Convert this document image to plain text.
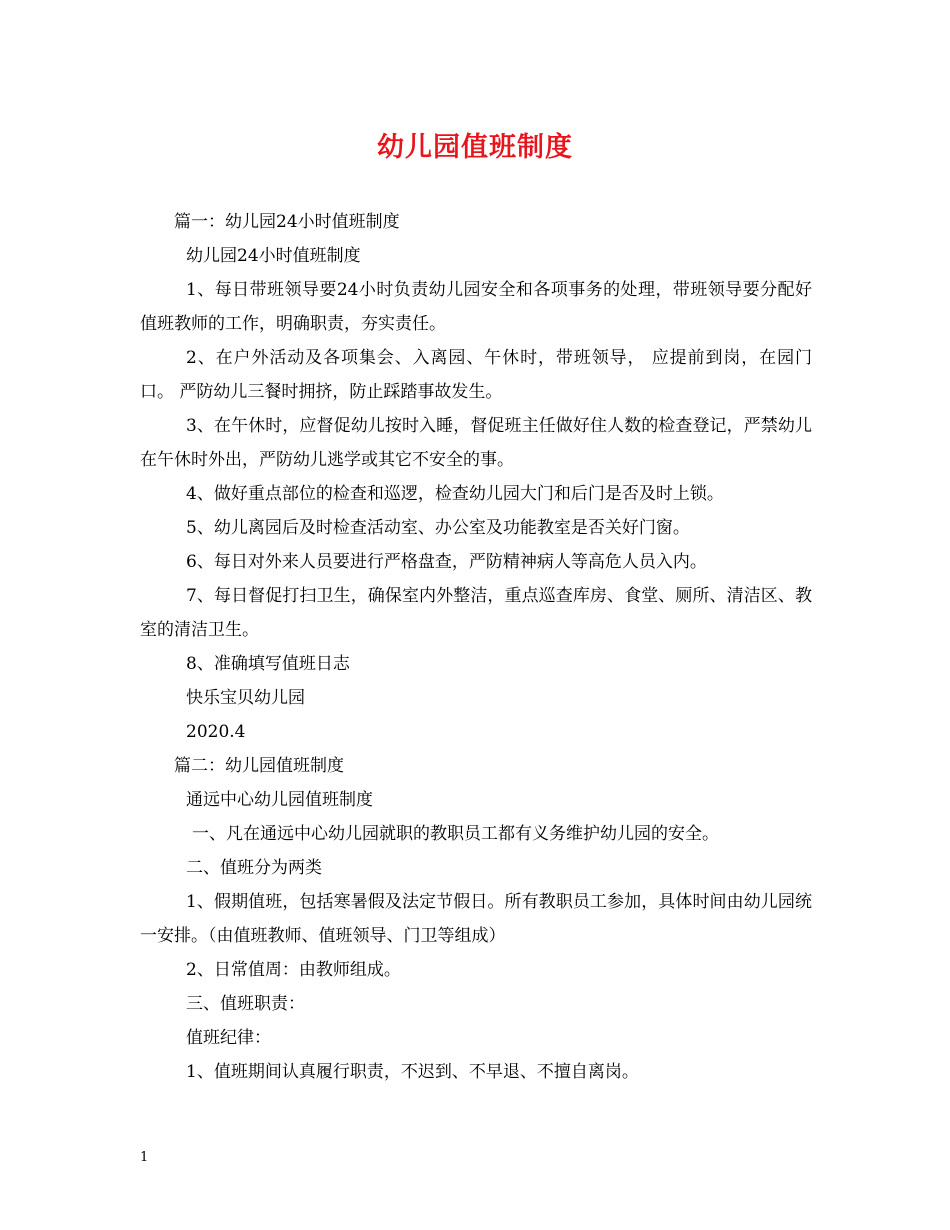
幼儿园值班制度

篇一：幼儿园24小时值班制度

幼儿园24小时值班制度

1、每日带班领导要24小时负责幼儿园安全和各项事务的处理，带班领导要分配好值班教师的工作，明确职责，夯实责任。

2、在户外活动及各项集会、入离园、午休时，带班领导， 应提前到岗，在园门口。 严防幼儿三餐时拥挤，防止踩踏事故发生。

3、在午休时，应督促幼儿按时入睡，督促班主任做好住人数的检查登记，严禁幼儿在午休时外出，严防幼儿逃学或其它不安全的事。

4、做好重点部位的检查和巡逻，检查幼儿园大门和后门是否及时上锁。

5、幼儿离园后及时检查活动室、办公室及功能教室是否关好门窗。

6、每日对外来人员要进行严格盘查，严防精神病人等高危人员入内。

7、每日督促打扫卫生，确保室内外整洁，重点巡查库房、食堂、厕所、清洁区、教室的清洁卫生。

8、准确填写值班日志

快乐宝贝幼儿园

2020.4

篇二：幼儿园值班制度

通远中心幼儿园值班制度

一、凡在通远中心幼儿园就职的教职员工都有义务维护幼儿园的安全。

二、值班分为两类

1、假期值班，包括寒暑假及法定节假日。所有教职员工参加，具体时间由幼儿园统一安排。（由值班教师、值班领导、门卫等组成）

2、日常值周：由教师组成。

三、值班职责：

值班纪律：

1、值班期间认真履行职责，不迟到、不早退、不擅自离岗。

1
